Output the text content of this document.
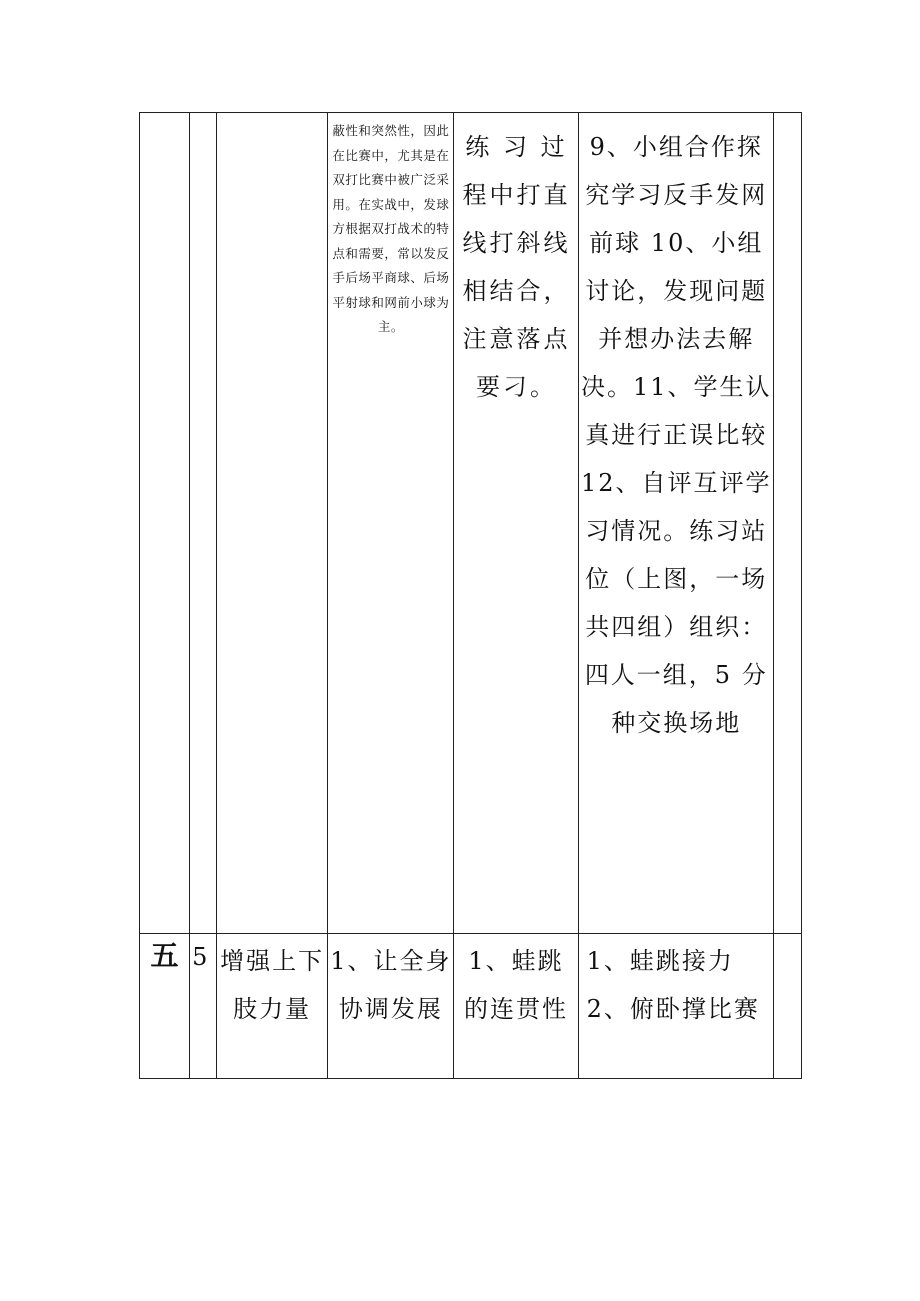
			蔽性和突然性，因此在比赛中，尤其是在双打比赛中被广泛采用。在实战中，发球方根据双打战术的特点和需要，常以发反手后场平商球、后场平射球和网前小球为主。	练 习 过程中打直线打斜线相结合，注意落点要刁。	9、小组合作探究学习反手发网前球 10、小组讨论，发现问题并想办法去解决。11、学生认真进行正误比较 12、自评互评学习情况。练习站位（上图，一场共四组）组织：四人一组，5 分种交换场地	

五	5	增强上下肢力量	1、让全身协调发展	1、蛙跳的连贯性	1、蛙跳接力 2、俯卧撑比赛	
